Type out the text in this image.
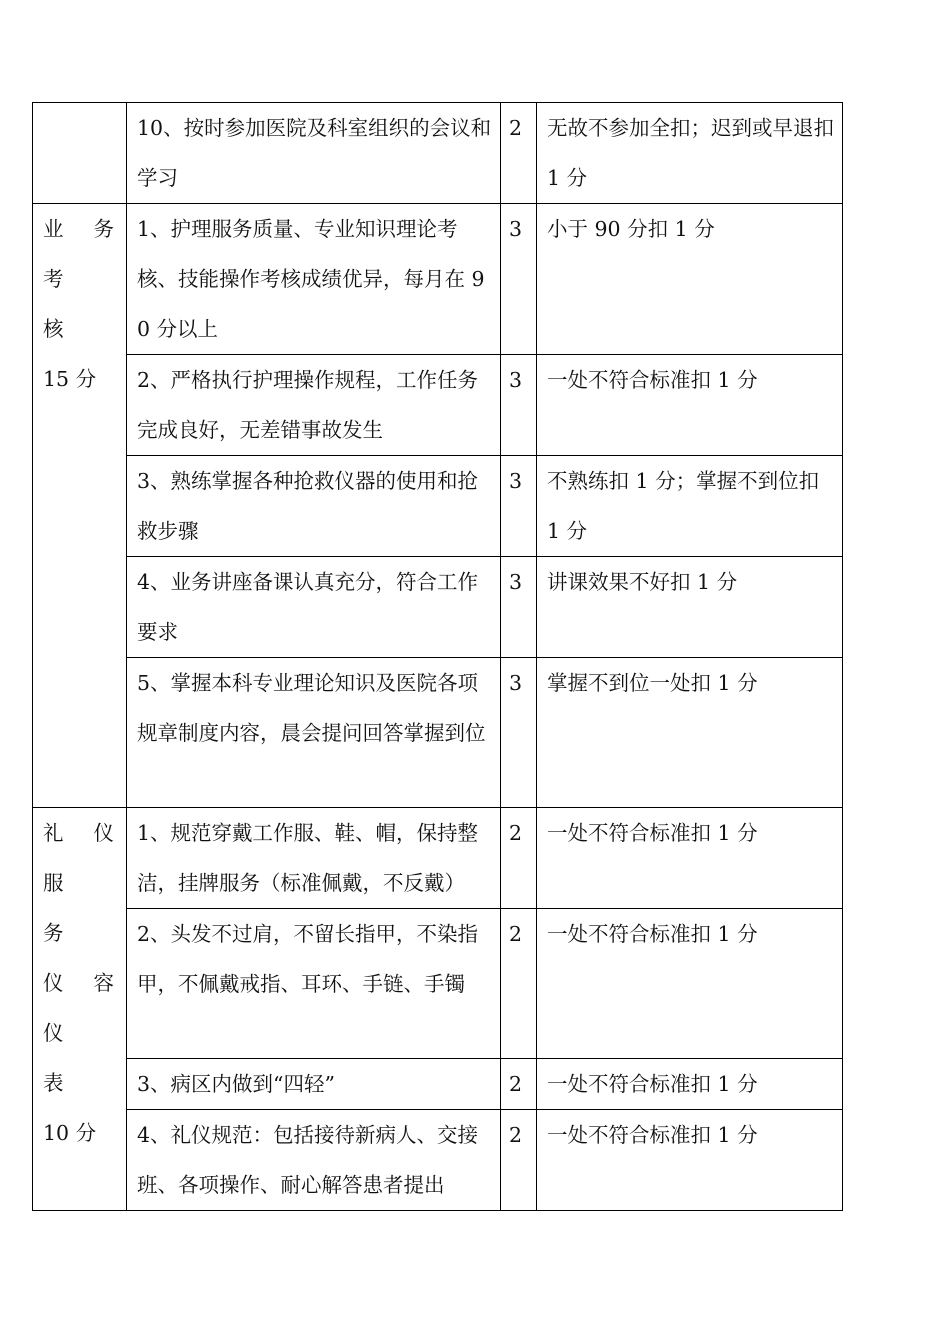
	10、按时参加医院及科室组织的会议和学习	2	无故不参加全扣；迟到或早退扣 1 分

业务考
核
15 分	1、护理服务质量、专业知识理论考核、技能操作考核成绩优异，每月在 90 分以上	3	小于 90 分扣 1 分
	2、严格执行护理操作规程，工作任务完成良好，无差错事故发生	3	一处不符合标准扣 1 分
	3、熟练掌握各种抢救仪器的使用和抢救步骤	3	不熟练扣 1 分；掌握不到位扣 1 分
	4、业务讲座备课认真充分，符合工作要求	3	讲课效果不好扣 1 分
	5、掌握本科专业理论知识及医院各项规章制度内容，晨会提问回答掌握到位	3	掌握不到位一处扣 1 分

礼仪服
务
仪容仪
表
10 分	1、规范穿戴工作服、鞋、帽，保持整洁，挂牌服务（标准佩戴，不反戴）	2	一处不符合标准扣 1 分
	2、头发不过肩，不留长指甲，不染指甲，不佩戴戒指、耳环、手链、手镯	2	一处不符合标准扣 1 分
	3、病区内做到“四轻”	2	一处不符合标准扣 1 分
	4、礼仪规范：包括接待新病人、交接班、各项操作、耐心解答患者提出	2	一处不符合标准扣 1 分
